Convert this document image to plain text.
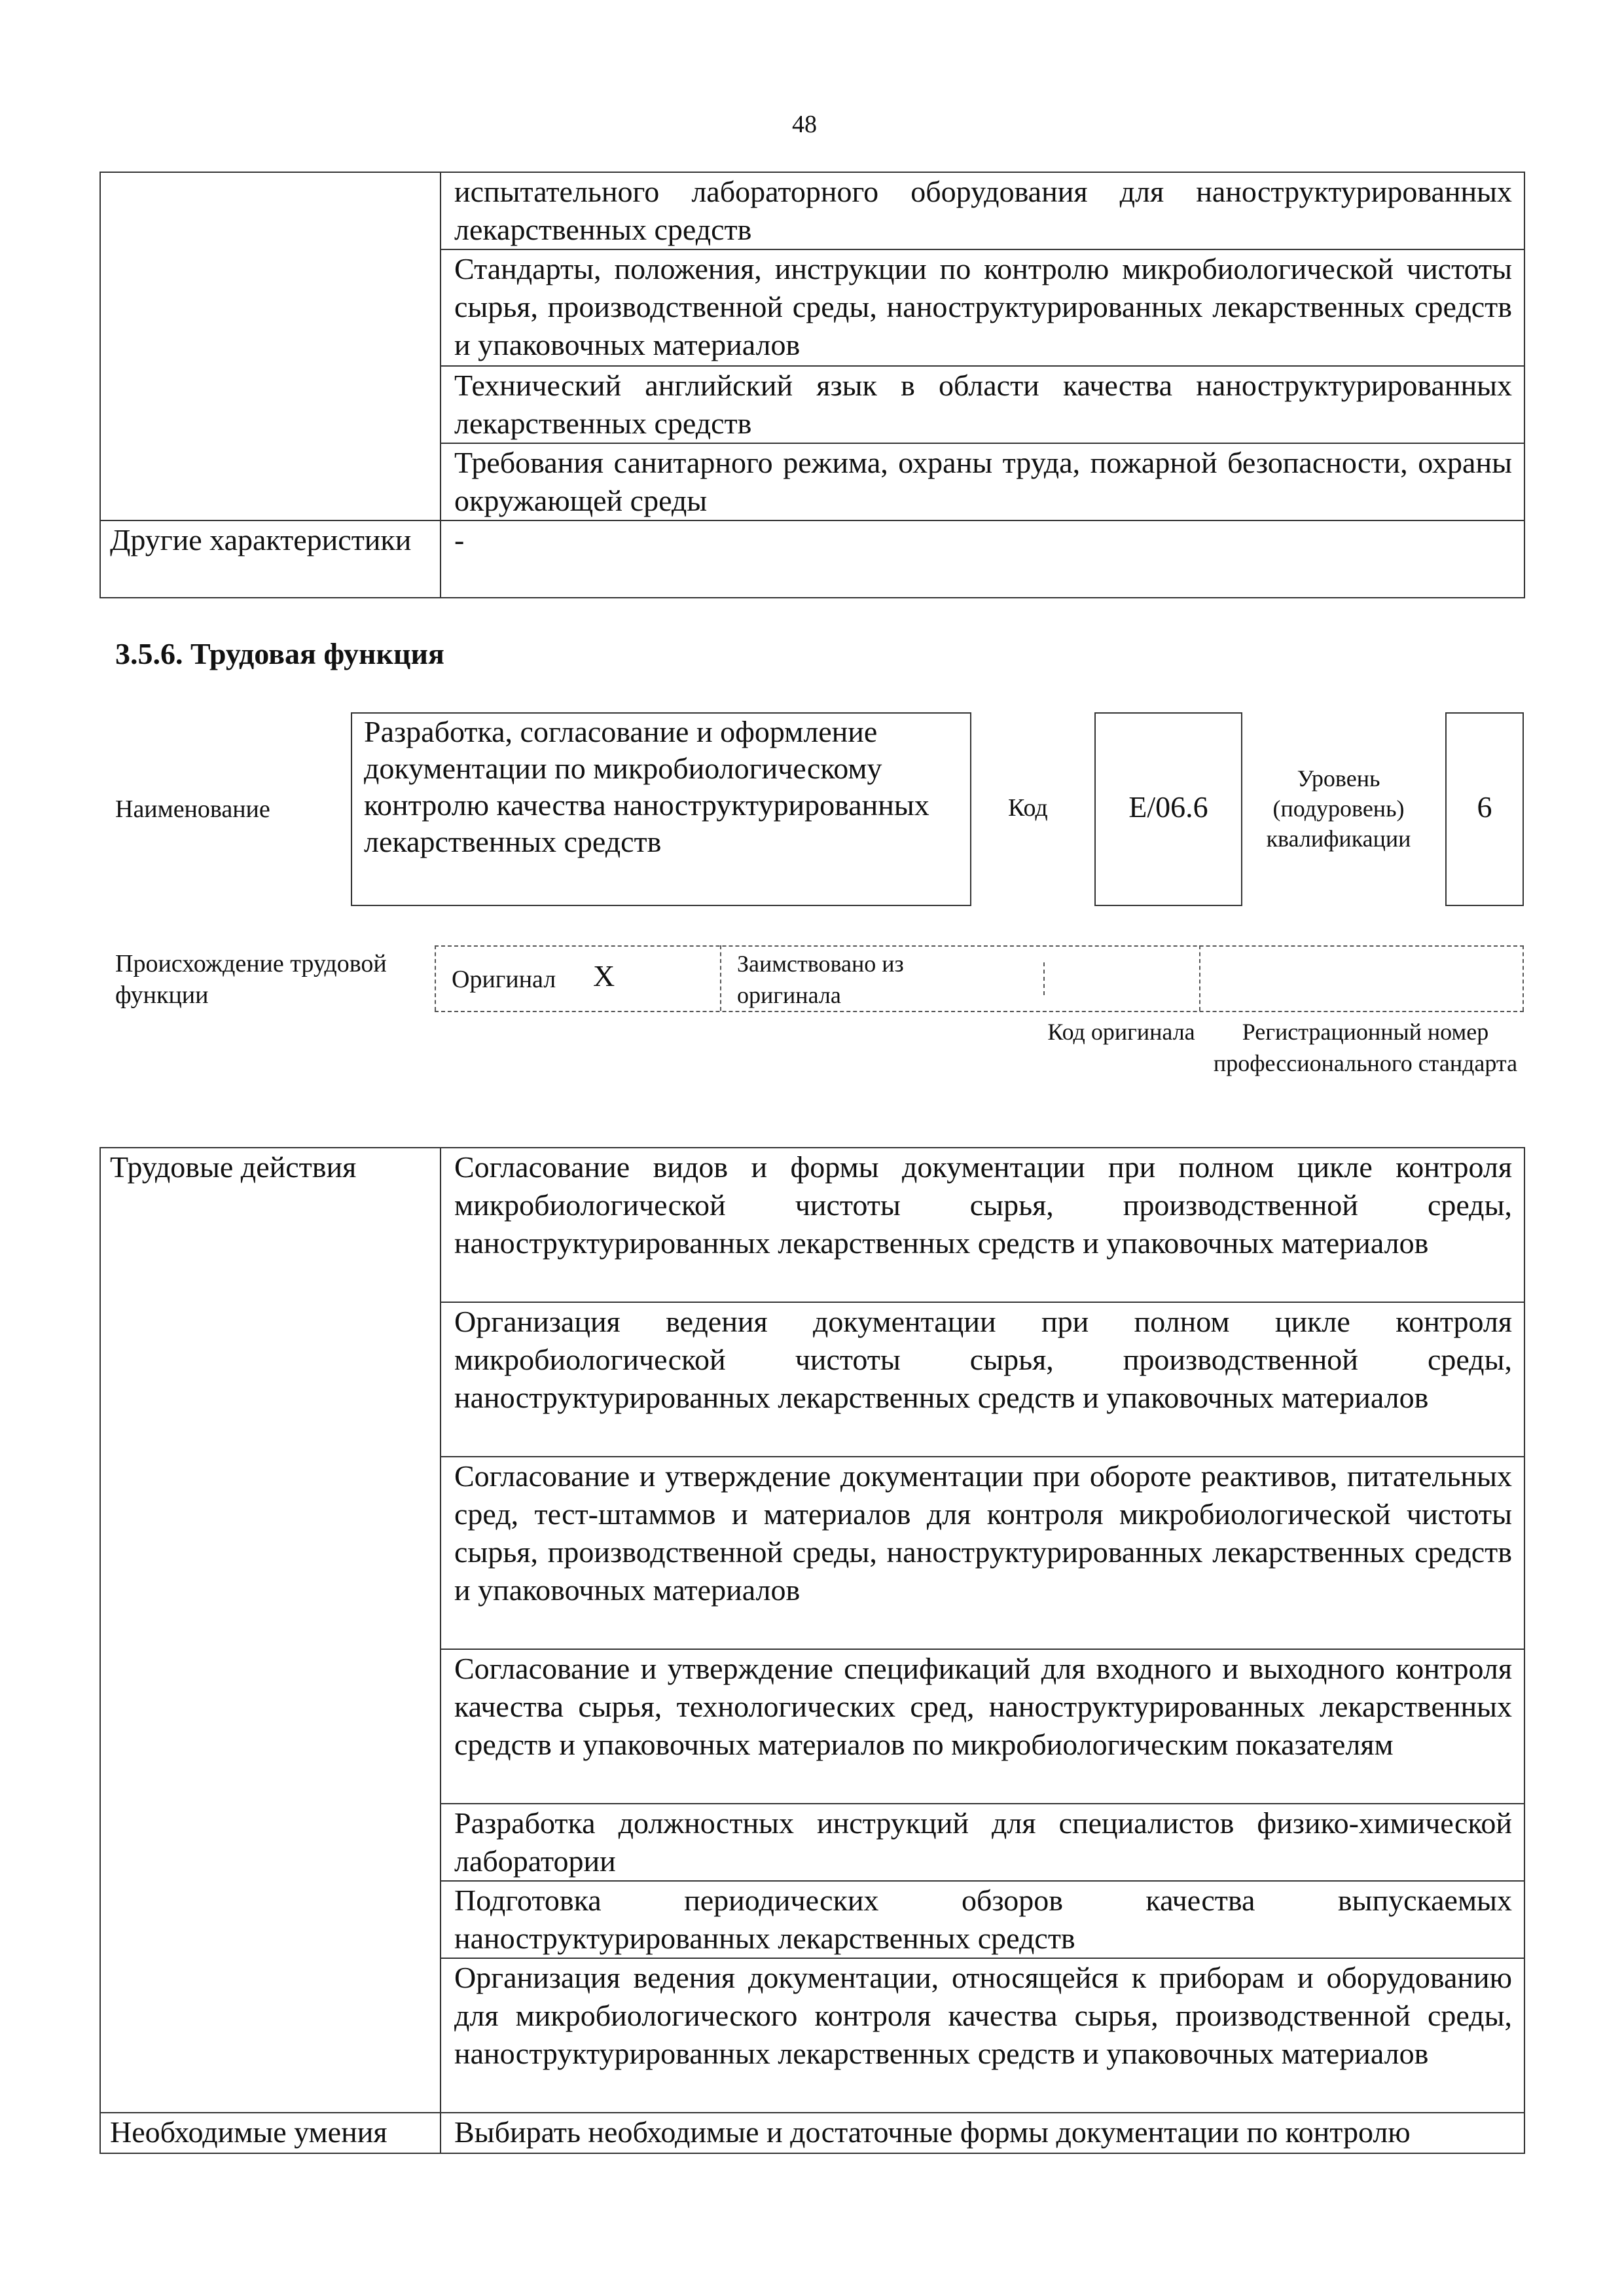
48
	испытательного лабораторного оборудования для наноструктурированных лекарственных средств
	Стандарты, положения, инструкции по контролю микробиологической чистоты сырья, производственной среды, наноструктурированных лекарственных средств и упаковочных материалов
	Технический английский язык в области качества наноструктурированных лекарственных средств
	Требования санитарного режима, охраны труда, пожарной безопасности, охраны окружающей среды
Другие характеристики	-
3.5.6. Трудовая функция
Наименование
Разработка, согласование и оформление документации по микробиологическому контролю качества наноструктурированных лекарственных средств
Код	E/06.6
Уровень (подуровень) квалификации
6
Происхождение трудовой функции
Оригинал X	Заимствовано из оригинала
Код оригинала	Регистрационный номер профессионального стандарта
Трудовые действия	Согласование видов и формы документации при полном цикле контроля микробиологической чистоты сырья, производственной среды, наноструктурированных лекарственных средств и упаковочных материалов
	Организация ведения документации при полном цикле контроля микробиологической чистоты сырья, производственной среды, наноструктурированных лекарственных средств и упаковочных материалов
	Согласование и утверждение документации при обороте реактивов, питательных сред, тест-штаммов и материалов для контроля микробиологической чистоты сырья, производственной среды, наноструктурированных лекарственных средств и упаковочных материалов
	Согласование и утверждение спецификаций для входного и выходного контроля качества сырья, технологических сред, наноструктурированных лекарственных средств и упаковочных материалов по микробиологическим показателям
	Разработка должностных инструкций для специалистов физико-химической лаборатории
	Подготовка периодических обзоров качества выпускаемых наноструктурированных лекарственных средств
	Организация ведения документации, относящейся к приборам и оборудованию для микробиологического контроля качества сырья, производственной среды, наноструктурированных лекарственных средств и упаковочных материалов
Необходимые умения	Выбирать необходимые и достаточные формы документации по контролю
